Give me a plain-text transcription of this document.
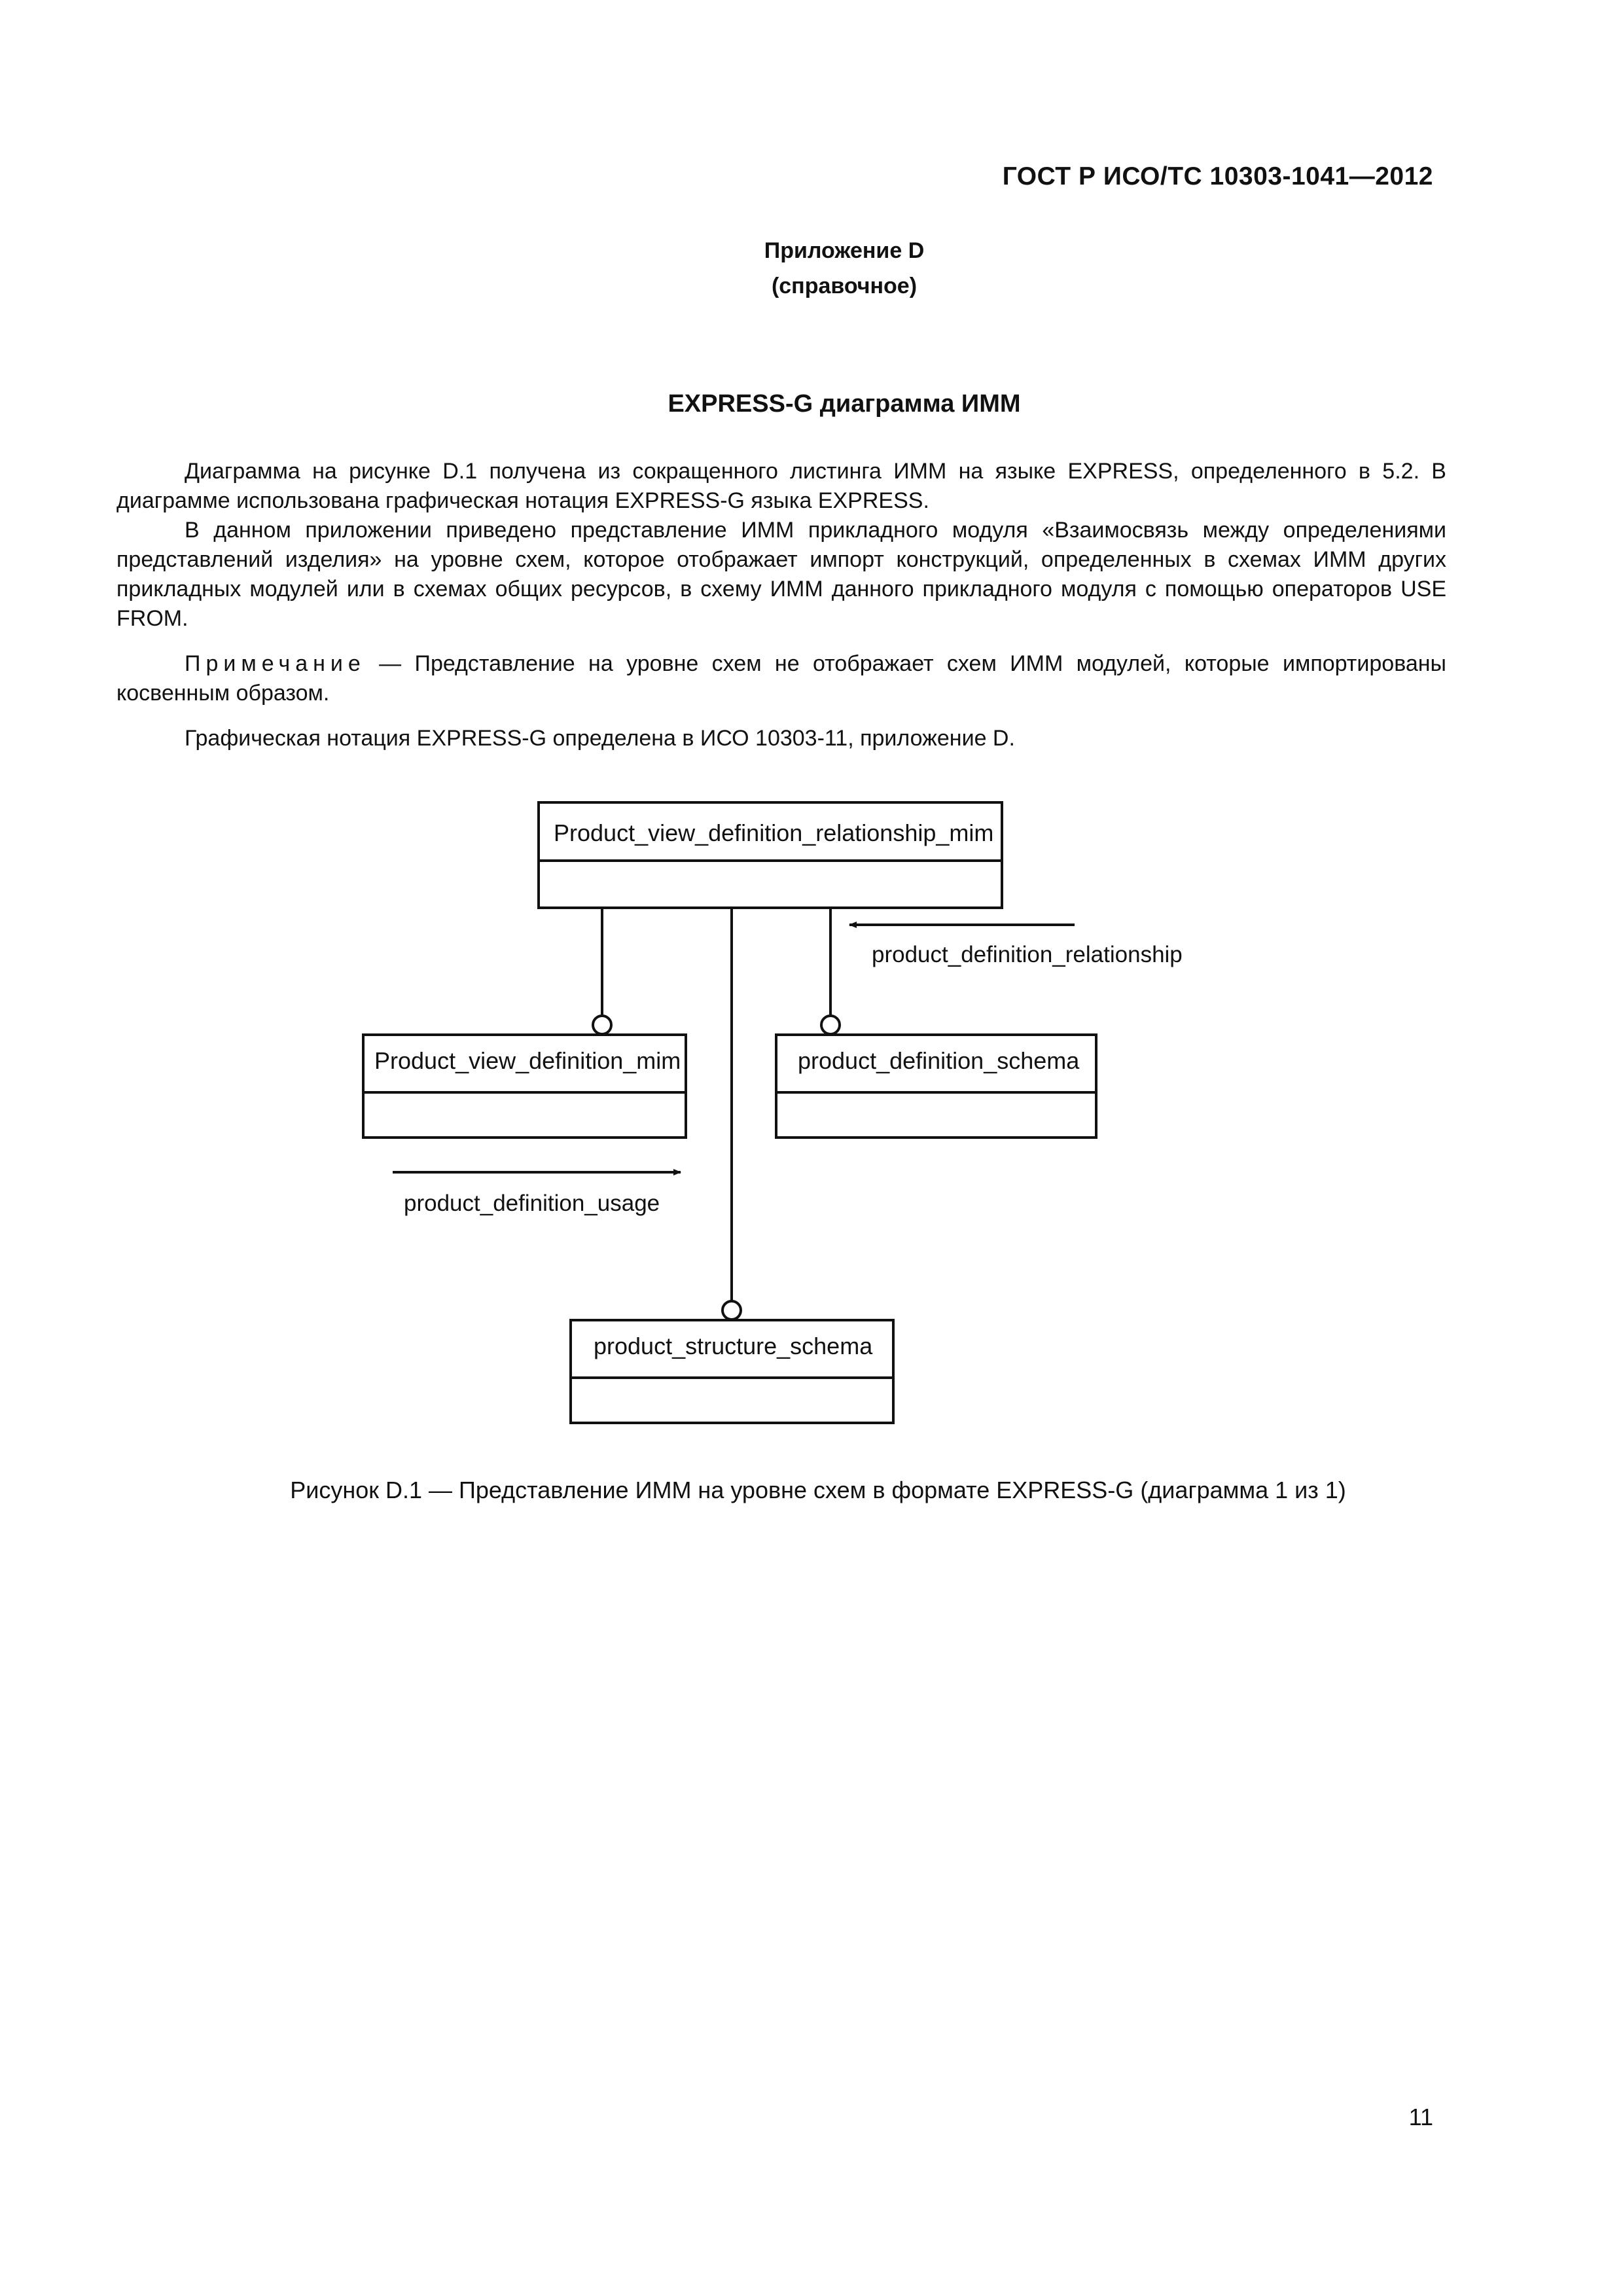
ГОСТ Р ИСО/ТС 10303-1041—2012
Приложение D
(справочное)
EXPRESS-G диаграмма ИММ

Диаграмма на рисунке D.1 получена из сокращенного листинга ИММ на языке EXPRESS, определенного в 5.2. В диаграмме использована графическая нотация EXPRESS-G языка EXPRESS.

В данном приложении приведено представление ИММ прикладного модуля «Взаимосвязь между определениями представлений изделия» на уровне схем, которое отображает импорт конструкций, определенных в схемах ИММ других прикладных модулей или в схемах общих ресурсов, в схему ИММ данного прикладного модуля с помощью операторов USE FROM.

Примечание — Представление на уровне схем не отображает схем ИММ модулей, которые импортированы косвенным образом.

Графическая нотация EXPRESS-G определена в ИСО 10303-11, приложение D.

Product_view_definition_relationship_mim
Product_view_definition_mim	product_definition_schema
product_structure_schema
product_definition_relationship
product_definition_usage
Рисунок D.1 — Представление ИММ на уровне схем в формате EXPRESS-G (диаграмма 1 из 1)
11
